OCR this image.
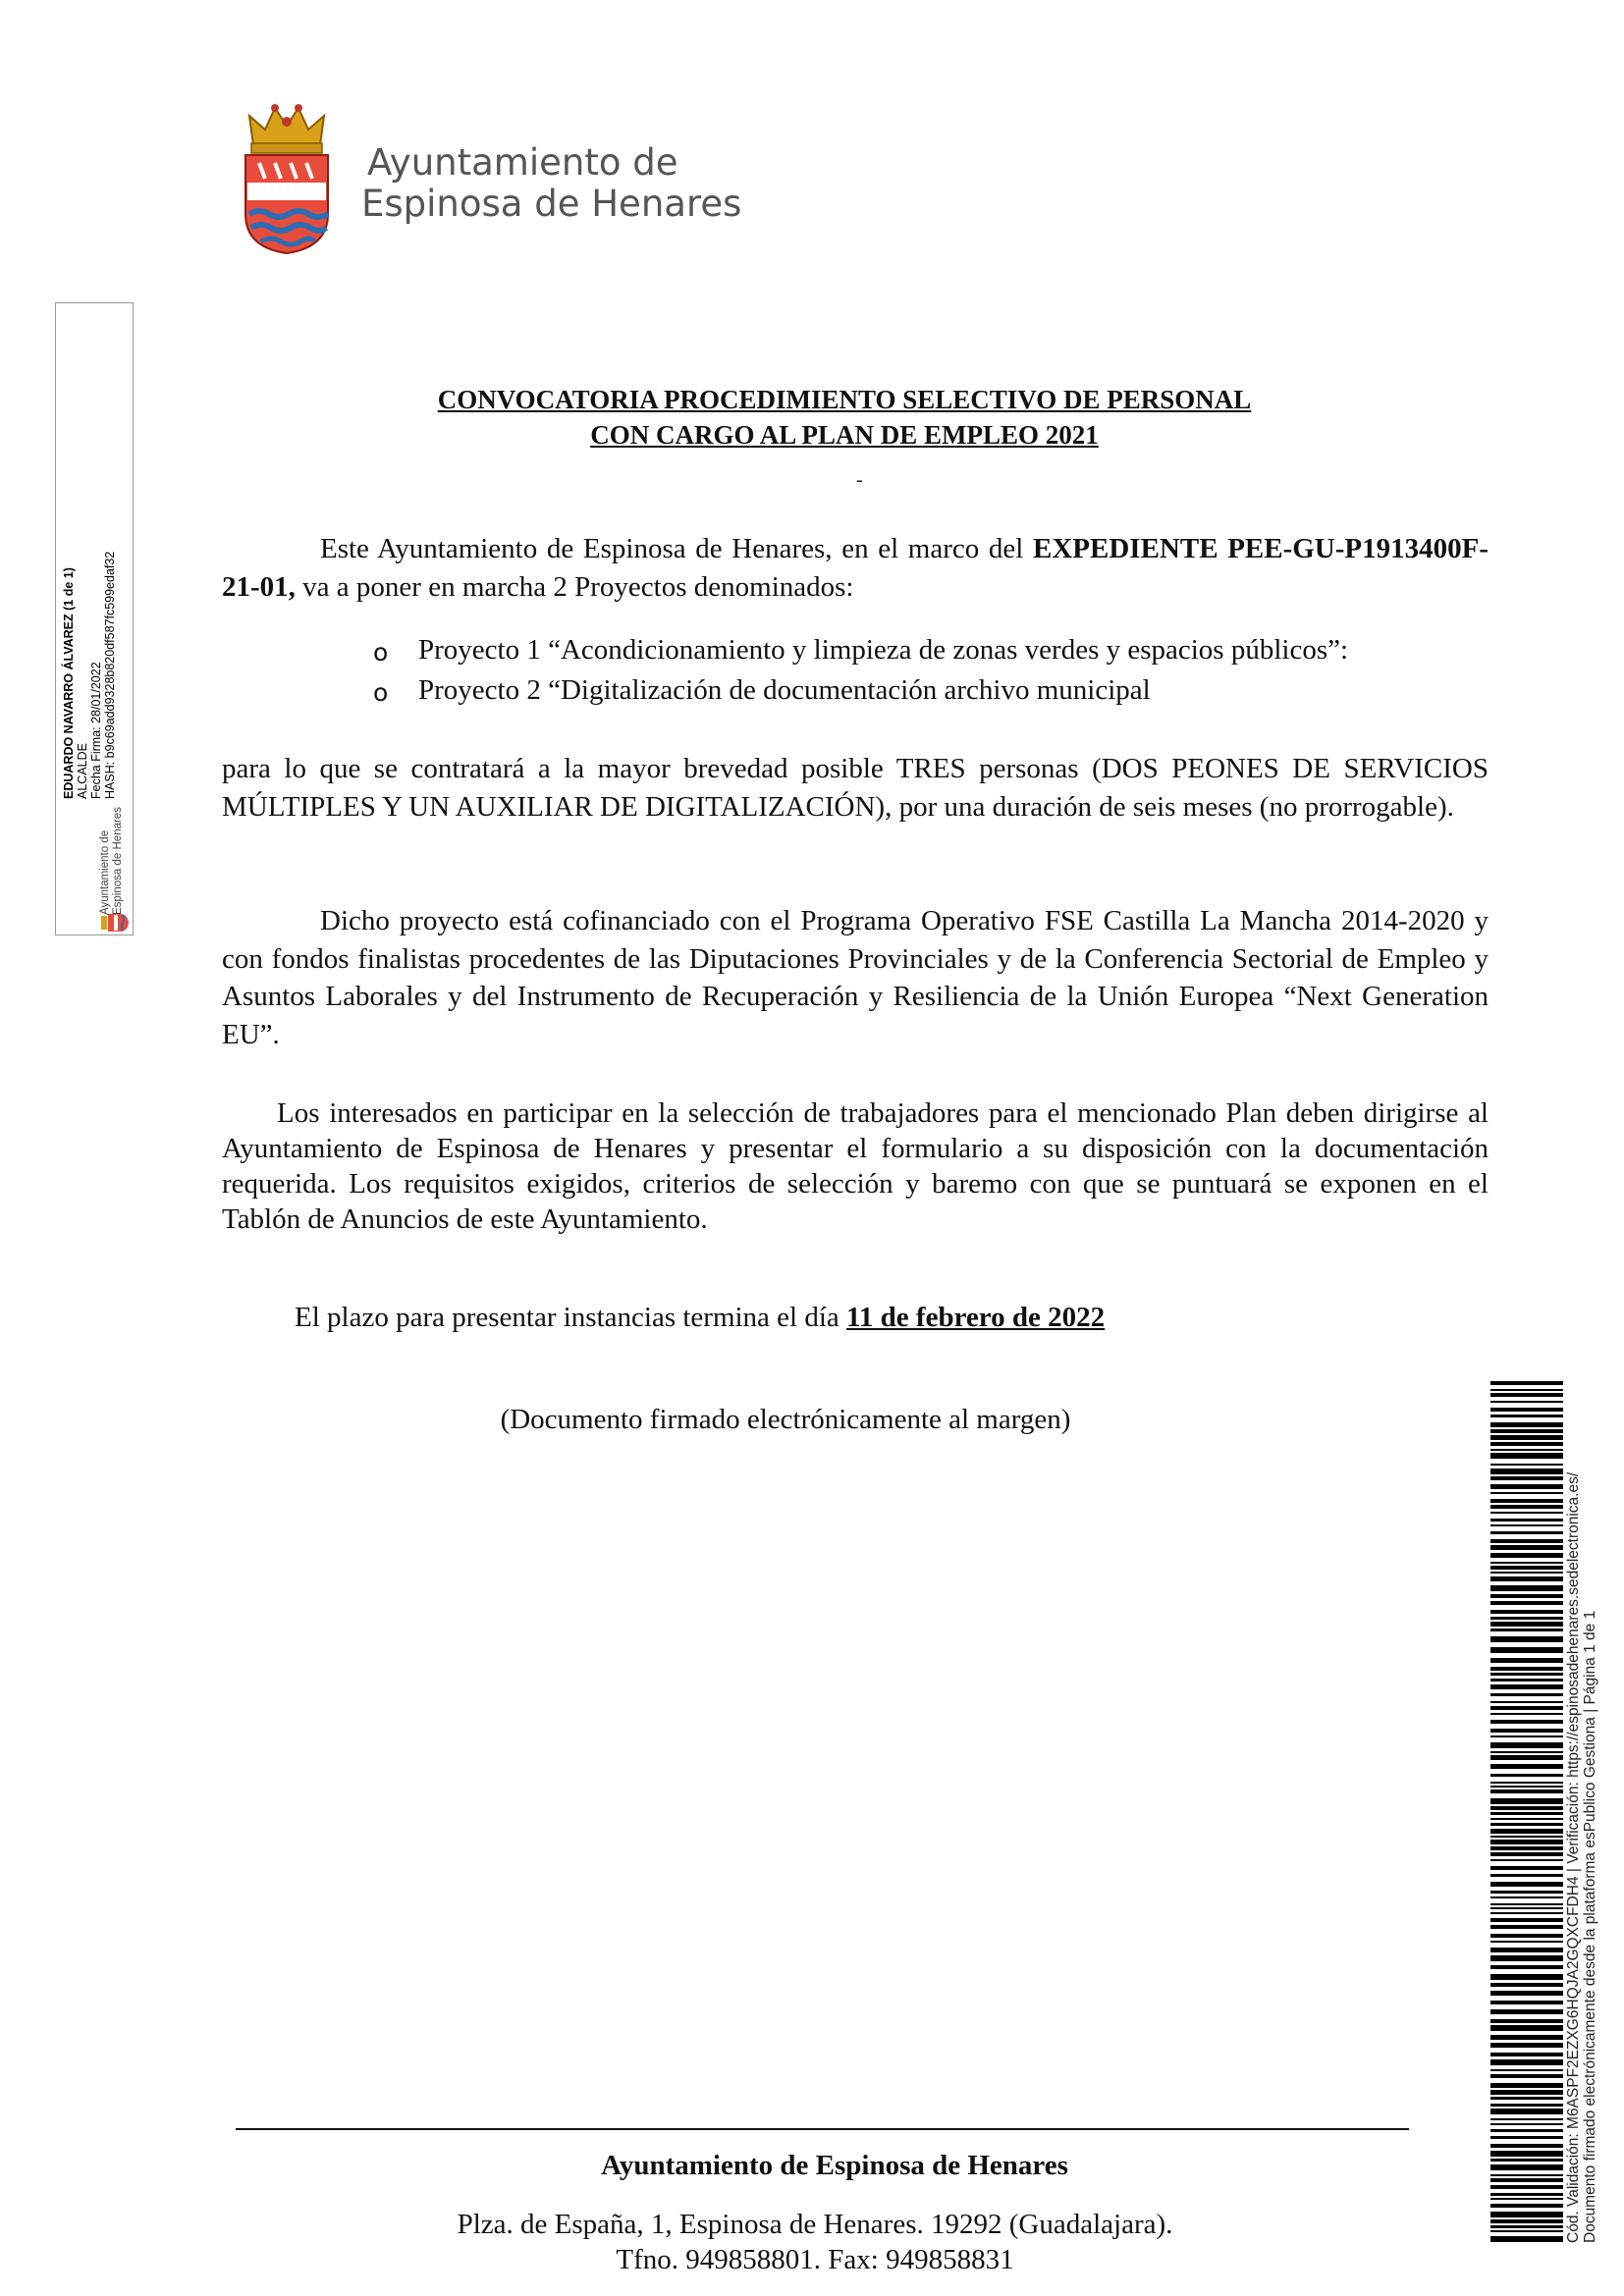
Ayuntamiento de
Espinosa de Henares
EDUARDO NAVARRO ÁLVAREZ (1 de 1) ALCALDE Fecha Firma: 28/01/2022 HASH: b9c69add9328b820df587fc599edaf32
Ayuntamiento de Espinosa de Henares
CONVOCATORIA PROCEDIMIENTO SELECTIVO DE PERSONAL
CON CARGO AL PLAN DE EMPLEO 2021
-
Este Ayuntamiento de Espinosa de Henares, en el marco del EXPEDIENTE PEE-GU-P1913400F-21-01, va a poner en marcha 2 Proyectos denominados:
o Proyecto 1 “Acondicionamiento y limpieza de zonas verdes y espacios públicos”:
o Proyecto 2 “Digitalización de documentación archivo municipal
para lo que se contratará a la mayor brevedad posible TRES personas (DOS PEONES DE SERVICIOS MÚLTIPLES Y UN AUXILIAR DE DIGITALIZACIÓN), por una duración de seis meses (no prorrogable).
Dicho proyecto está cofinanciado con el Programa Operativo FSE Castilla La Mancha 2014-2020 y con fondos finalistas procedentes de las Diputaciones Provinciales y de la Conferencia Sectorial de Empleo y Asuntos Laborales y del Instrumento de Recuperación y Resiliencia de la Unión Europea “Next Generation EU”.
Los interesados en participar en la selección de trabajadores para el mencionado Plan deben dirigirse al Ayuntamiento de Espinosa de Henares y presentar el formulario a su disposición con la documentación requerida. Los requisitos exigidos, criterios de selección y baremo con que se puntuará se exponen en el Tablón de Anuncios de este Ayuntamiento.
El plazo para presentar instancias termina el día 11 de febrero de 2022
(Documento firmado electrónicamente al margen)
Cód. Validación: M6ASPF2EZXG6HQJA2GQXCFDH4 | Verificación: https://espinosadehenares.sedelectronica.es/ Documento firmado electrónicamente desde la plataforma esPublico Gestiona | Página 1 de 1
Ayuntamiento de Espinosa de Henares
Plza. de España, 1, Espinosa de Henares. 19292 (Guadalajara).
Tfno. 949858801. Fax: 949858831
